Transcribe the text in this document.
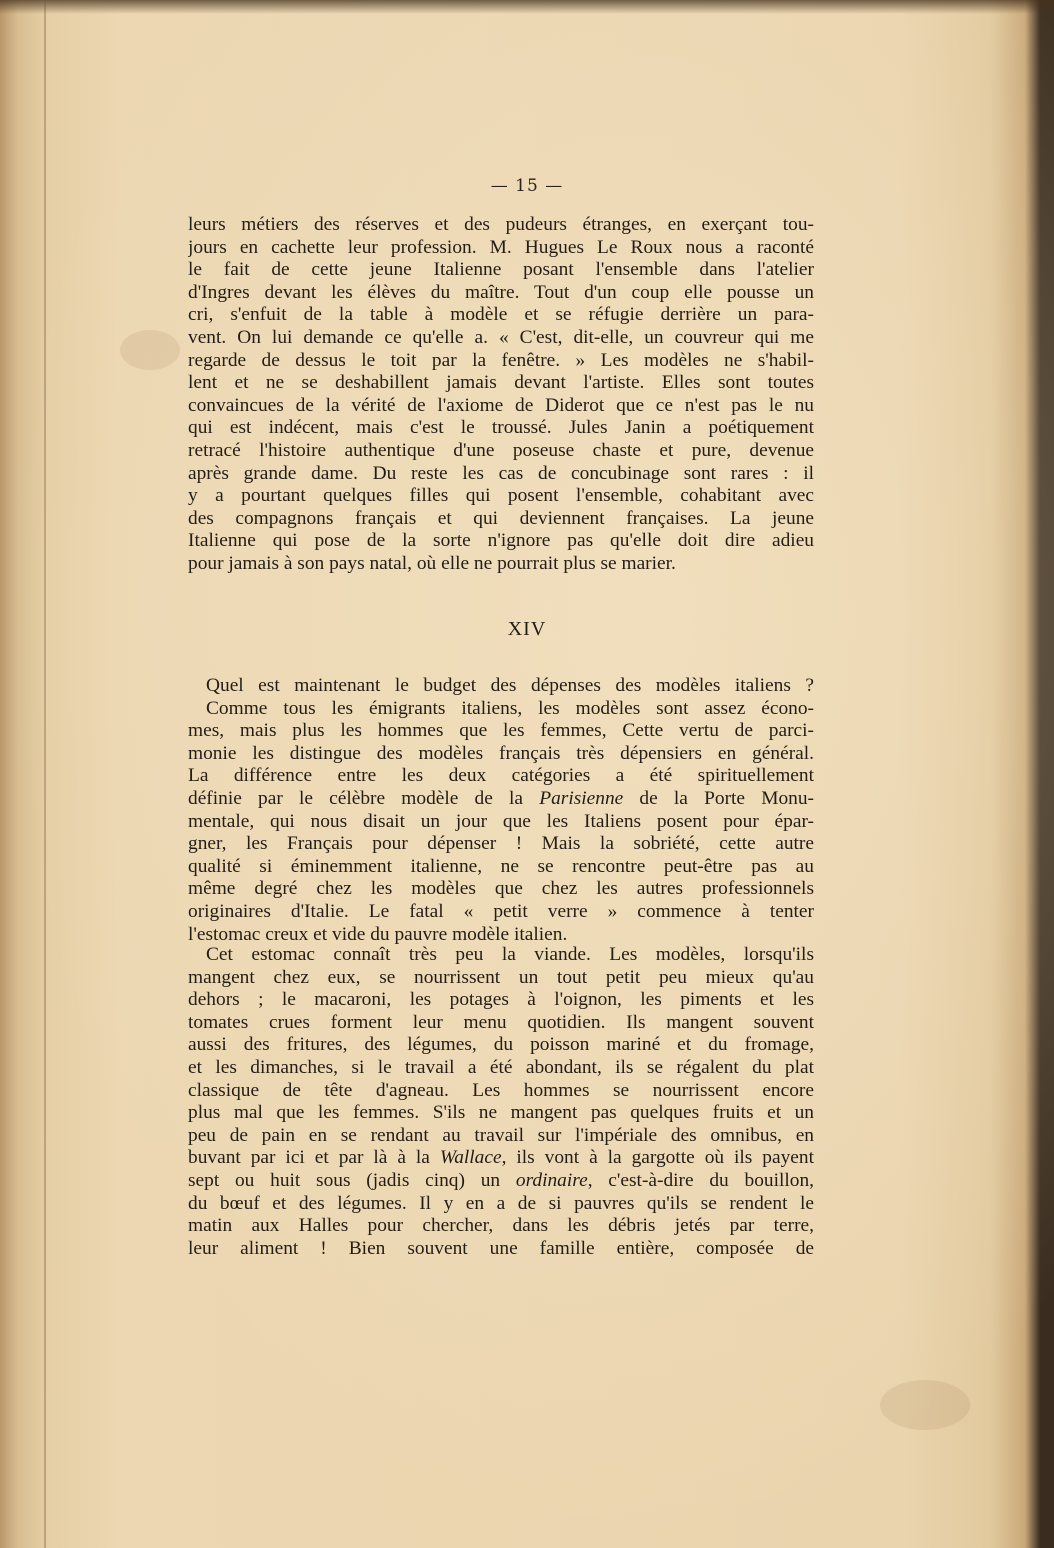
— 15 —
leurs métiers des réserves et des pudeurs étranges, en exerçant tou-
jours en cachette leur profession. M. Hugues Le Roux nous a raconté
le fait de cette jeune Italienne posant l'ensemble dans l'atelier
d'Ingres devant les élèves du maître. Tout d'un coup elle pousse un
cri, s'enfuit de la table à modèle et se réfugie derrière un para-
vent. On lui demande ce qu'elle a. « C'est, dit-elle, un couvreur qui me
regarde de dessus le toit par la fenêtre. » Les modèles ne s'habil-
lent et ne se deshabillent jamais devant l'artiste. Elles sont toutes
convaincues de la vérité de l'axiome de Diderot que ce n'est pas le nu
qui est indécent, mais c'est le troussé. Jules Janin a poétiquement
retracé l'histoire authentique d'une poseuse chaste et pure, devenue
après grande dame. Du reste les cas de concubinage sont rares : il
y a pourtant quelques filles qui posent l'ensemble, cohabitant avec
des compagnons français et qui deviennent françaises. La jeune
Italienne qui pose de la sorte n'ignore pas qu'elle doit dire adieu
pour jamais à son pays natal, où elle ne pourrait plus se marier.
XIV
Quel est maintenant le budget des dépenses des modèles italiens ?
Comme tous les émigrants italiens, les modèles sont assez écono-
mes, mais plus les hommes que les femmes, Cette vertu de parci-
monie les distingue des modèles français très dépensiers en général.
La différence entre les deux catégories a été spirituellement
définie par le célèbre modèle de la Parisienne de la Porte Monu-
mentale, qui nous disait un jour que les Italiens posent pour épar-
gner, les Français pour dépenser ! Mais la sobriété, cette autre
qualité si éminemment italienne, ne se rencontre peut-être pas au
même degré chez les modèles que chez les autres professionnels
originaires d'Italie. Le fatal « petit verre » commence à tenter
l'estomac creux et vide du pauvre modèle italien.
Cet estomac connaît très peu la viande. Les modèles, lorsqu'ils
mangent chez eux, se nourrissent un tout petit peu mieux qu'au
dehors ; le macaroni, les potages à l'oignon, les piments et les
tomates crues forment leur menu quotidien. Ils mangent souvent
aussi des fritures, des légumes, du poisson mariné et du fromage,
et les dimanches, si le travail a été abondant, ils se régalent du plat
classique de tête d'agneau. Les hommes se nourrissent encore
plus mal que les femmes. S'ils ne mangent pas quelques fruits et un
peu de pain en se rendant au travail sur l'impériale des omnibus, en
buvant par ici et par là à la Wallace, ils vont à la gargotte où ils payent
sept ou huit sous (jadis cinq) un ordinaire, c'est-à-dire du bouillon,
du bœuf et des légumes. Il y en a de si pauvres qu'ils se rendent le
matin aux Halles pour chercher, dans les débris jetés par terre,
leur aliment ! Bien souvent une famille entière, composée de
